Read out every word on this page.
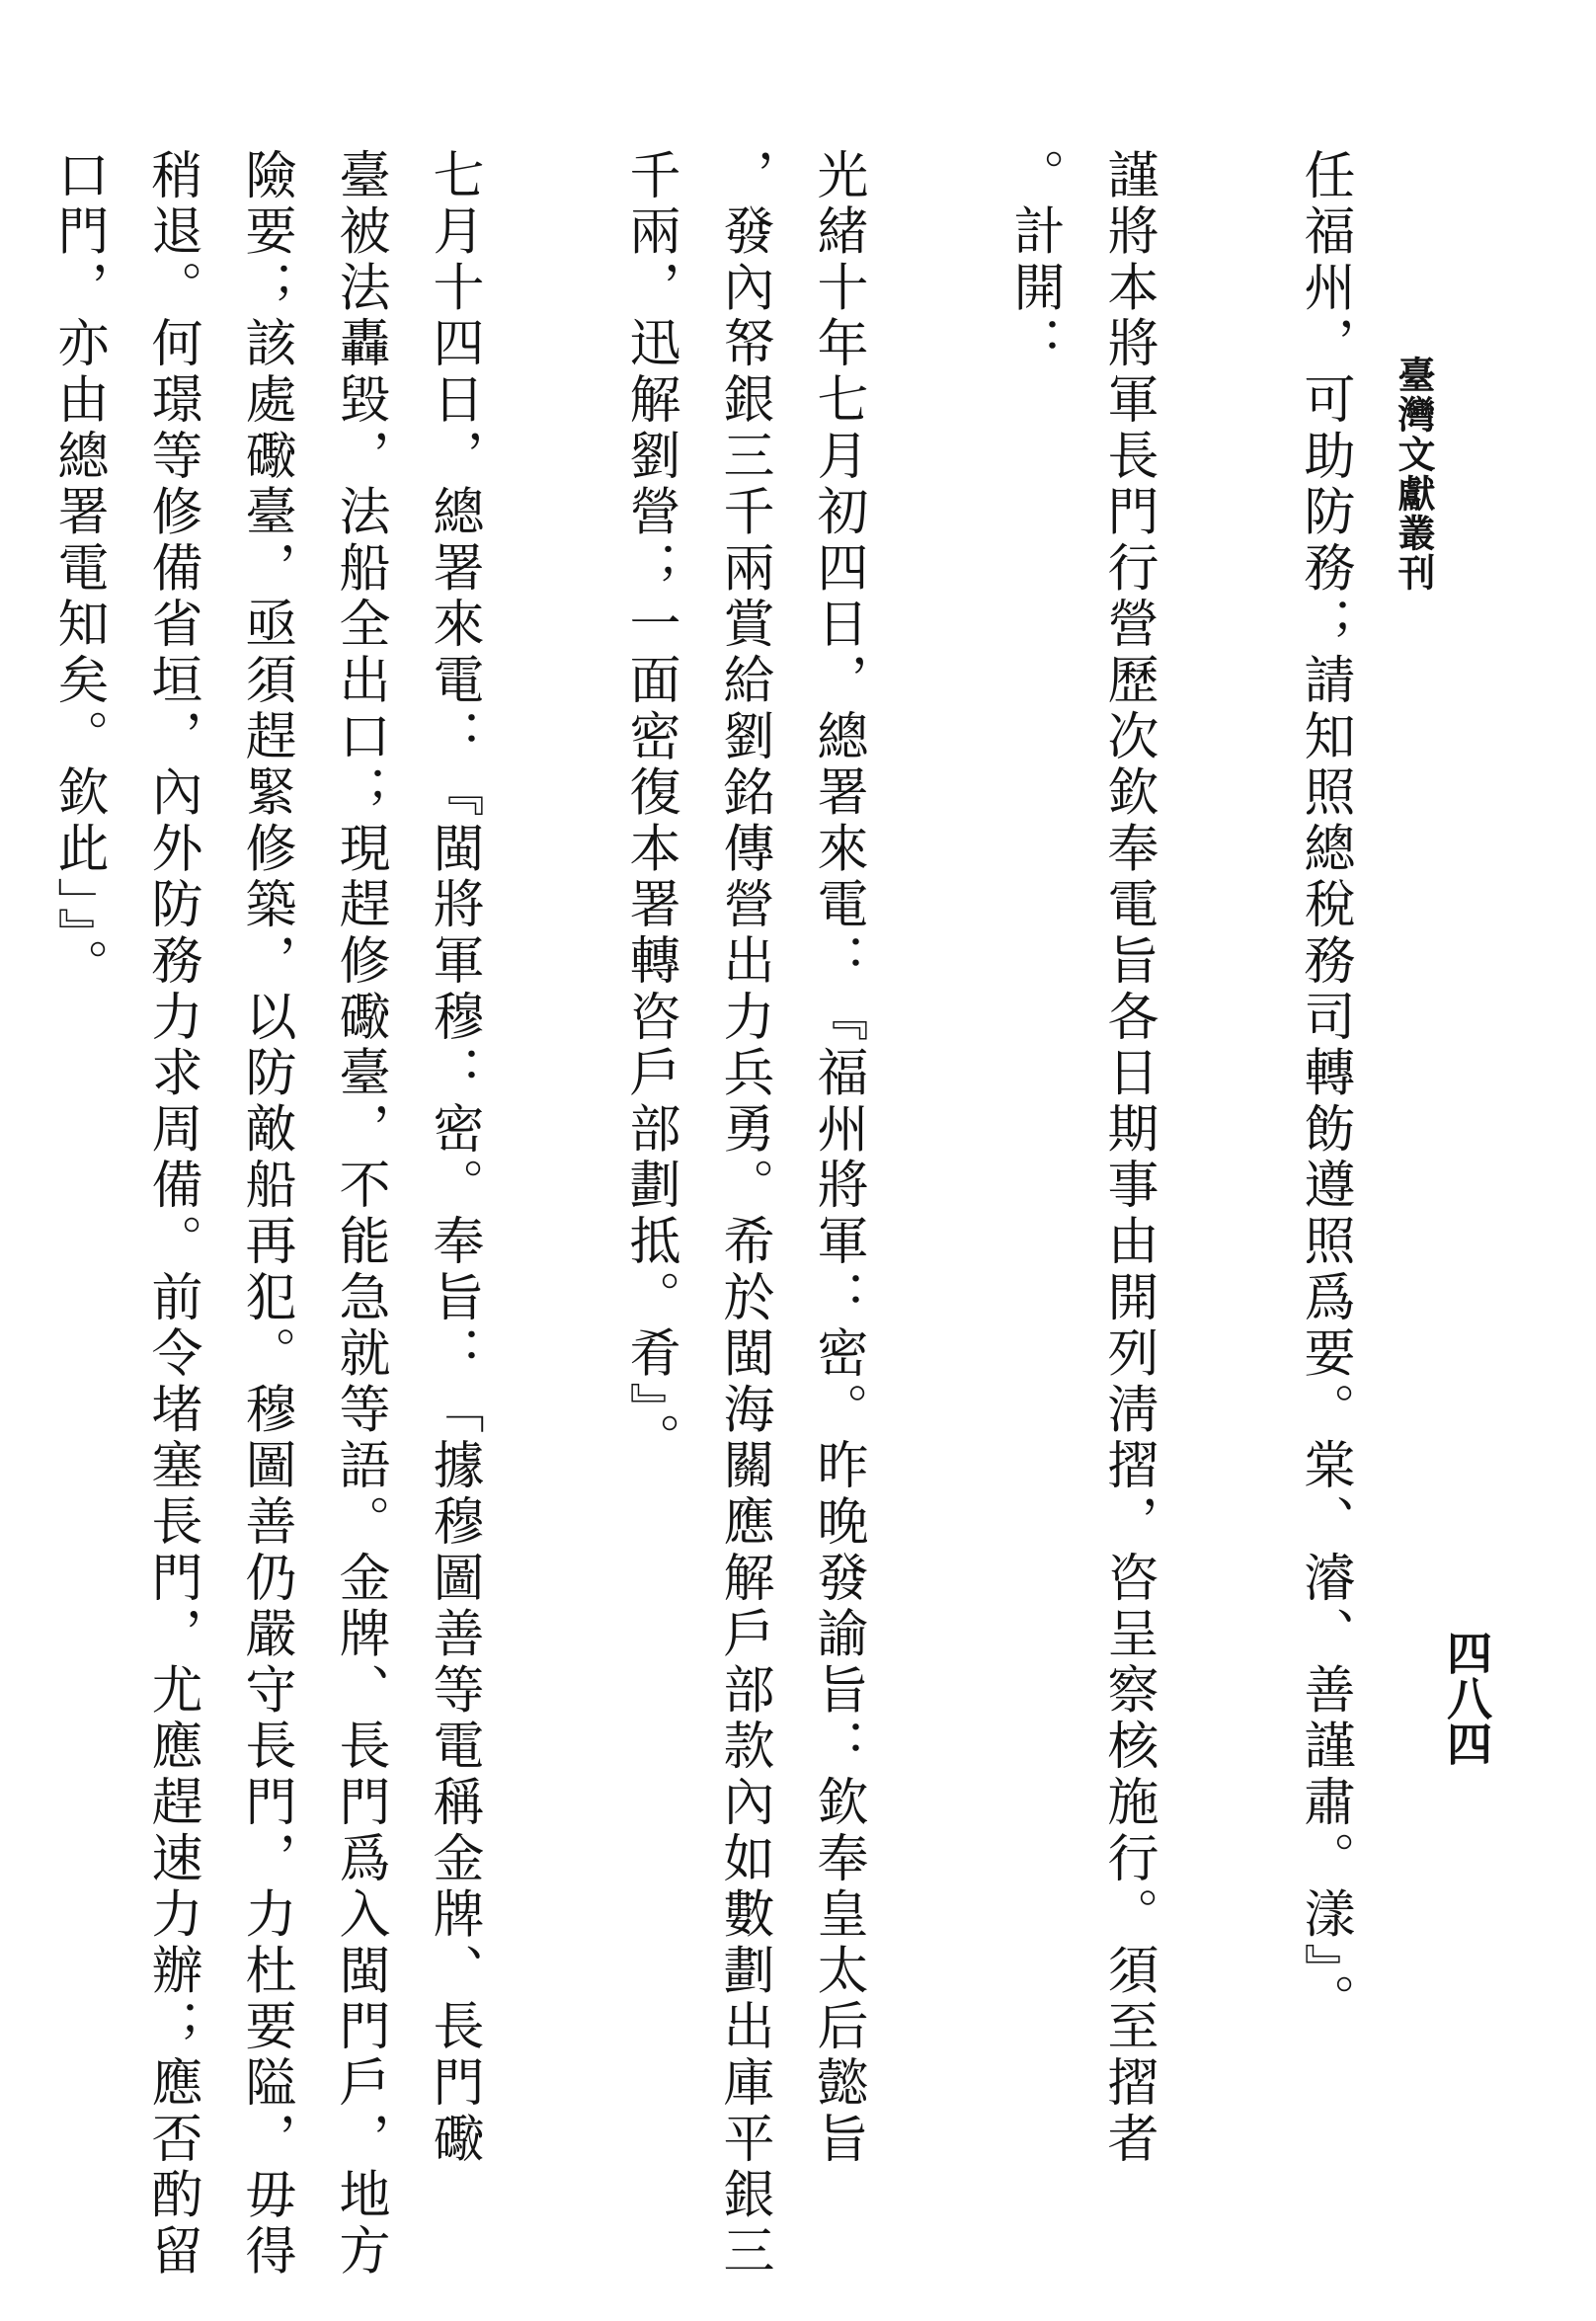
臺灣文獻叢刊
四八四
任福州，可助防務；請知照總稅務司轉飭遵照爲要。棠、濬、善謹肅。漾』。
謹將本將軍長門行營歷次欽奉電旨各日期事由開列淸摺，咨呈察核施行。須至摺者
。計開：
光緒十年七月初四日，總署來電：『福州將軍：密。昨晚發諭旨：欽奉皇太后懿旨
，發內帑銀三千兩賞給劉銘傳營出力兵勇。希於閩海關應解戶部款內如數劃出庫平銀三
千兩，迅解劉營；一面密復本署轉咨戶部劃抵。肴』。
七月十四日，總署來電：『閩將軍穆：密。奉旨：「據穆圖善等電稱金牌、長門礮
臺被法轟毀，法船全出口；現趕修礮臺，不能急就等語。金牌、長門爲入閩門戶，地方
險要；該處礮臺，亟須趕緊修築，以防敵船再犯。穆圖善仍嚴守長門，力杜要隘，毋得
稍退。何璟等修備省垣，內外防務力求周備。前令堵塞長門，尤應趕速力辦；應否酌留
口門，亦由總署電知矣。欽此」』。
